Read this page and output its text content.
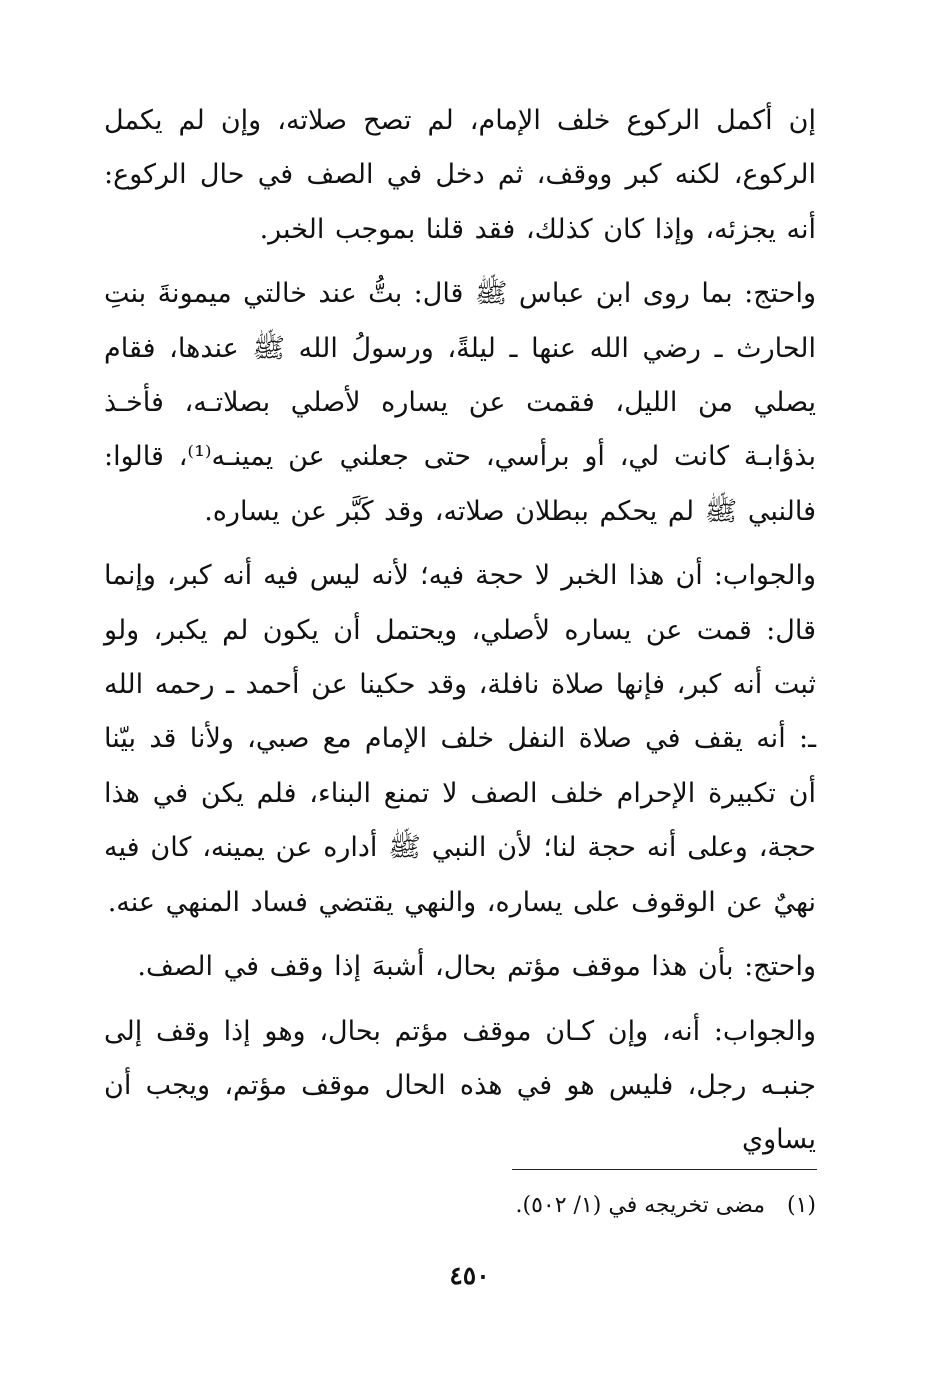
إن أكمل الركوع خلف الإمام، لم تصح صلاته، وإن لم يكمل الركوع، لكنه كبر ووقف، ثم دخل في الصف في حال الركوع: أنه يجزئه، وإذا كان كذلك، فقد قلنا بموجب الخبر.

واحتج: بما روى ابن عباس ﷺ قال: بتُّ عند خالتي ميمونةَ بنتِ الحارث ـ رضي الله عنها ـ ليلةً، ورسولُ الله ﷺ عندها، فقام يصلي من الليل، فقمت عن يساره لأصلي بصلاتـه، فأخـذ بذؤابـة كانت لي، أو برأسي، حتى جعلني عن يمينـه⁽¹⁾، قالوا: فالنبي ﷺ لم يحكم ببطلان صلاته، وقد كَبَّر عن يساره.

والجواب: أن هذا الخبر لا حجة فيه؛ لأنه ليس فيه أنه كبر، وإنما قال: قمت عن يساره لأصلي، ويحتمل أن يكون لم يكبر، ولو ثبت أنه كبر، فإنها صلاة نافلة، وقد حكينا عن أحمد ـ رحمه الله ـ: أنه يقف في صلاة النفل خلف الإمام مع صبي، ولأنا قد بيّنا أن تكبيرة الإحرام خلف الصف لا تمنع البناء، فلم يكن في هذا حجة، وعلى أنه حجة لنا؛ لأن النبي ﷺ أداره عن يمينه، كان فيه نهيٌ عن الوقوف على يساره، والنهي يقتضي فساد المنهي عنه.

واحتج: بأن هذا موقف مؤتم بحال، أشبهَ إذا وقف في الصف.

والجواب: أنه، وإن كـان موقف مؤتم بحال، وهو إذا وقف إلى جنبـه رجل، فليس هو في هذه الحال موقف مؤتم، ويجب أن يساوي

(١)مضى تخريجه في (١/ ٥٠٢).
٤٥٠
